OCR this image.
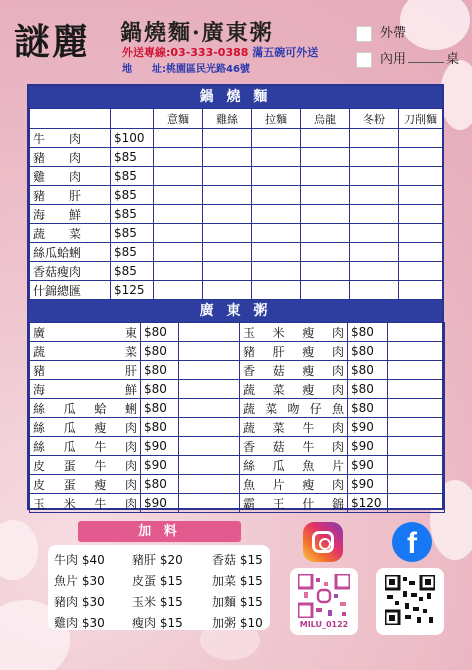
謎麗 鍋燒麵·廣東粥
外送專線:03-333-0388 滿五碗可外送
地　　址:桃園區民光路46號
外帶
內用	桌
鍋 燒 麵
		意麵	雞絲	拉麵	烏龍	冬粉	刀削麵
牛　　肉	$100						
豬　　肉	$85						
雞　　肉	$85						
豬　　肝	$85						
海　　鮮	$85						
蔬　　菜	$85						
絲瓜蛤蜊	$85						
香菇瘦肉	$85						
什錦總匯	$125						
廣 東 粥
廣 東	$80		玉 米 瘦 肉	$80	

蔬 菜	$80		豬 肝 瘦 肉	$80	

豬 肝	$80		香 菇 瘦 肉	$80	

海 鮮	$80		蔬 菜 瘦 肉	$80	

絲 瓜 蛤 蜊	$80		蔬 菜 吻 仔 魚	$80	

絲 瓜 瘦 肉	$80		蔬 菜 牛 肉	$90	

絲 瓜 牛 肉	$90		香 菇 牛 肉	$90	

皮 蛋 牛 肉	$90		絲 瓜 魚 片	$90	

皮 蛋 瘦 肉	$80		魚 片 瘦 肉	$90	

玉 米 牛 肉	$90		霸 王 什 錦	$120	
加 料
牛肉 $40	豬肝 $20	香菇 $15
魚片 $30	皮蛋 $15	加菜 $15
豬肉 $30	玉米 $15	加麵 $15
雞肉 $30	瘦肉 $15	加粥 $10
f
MILU_0122
